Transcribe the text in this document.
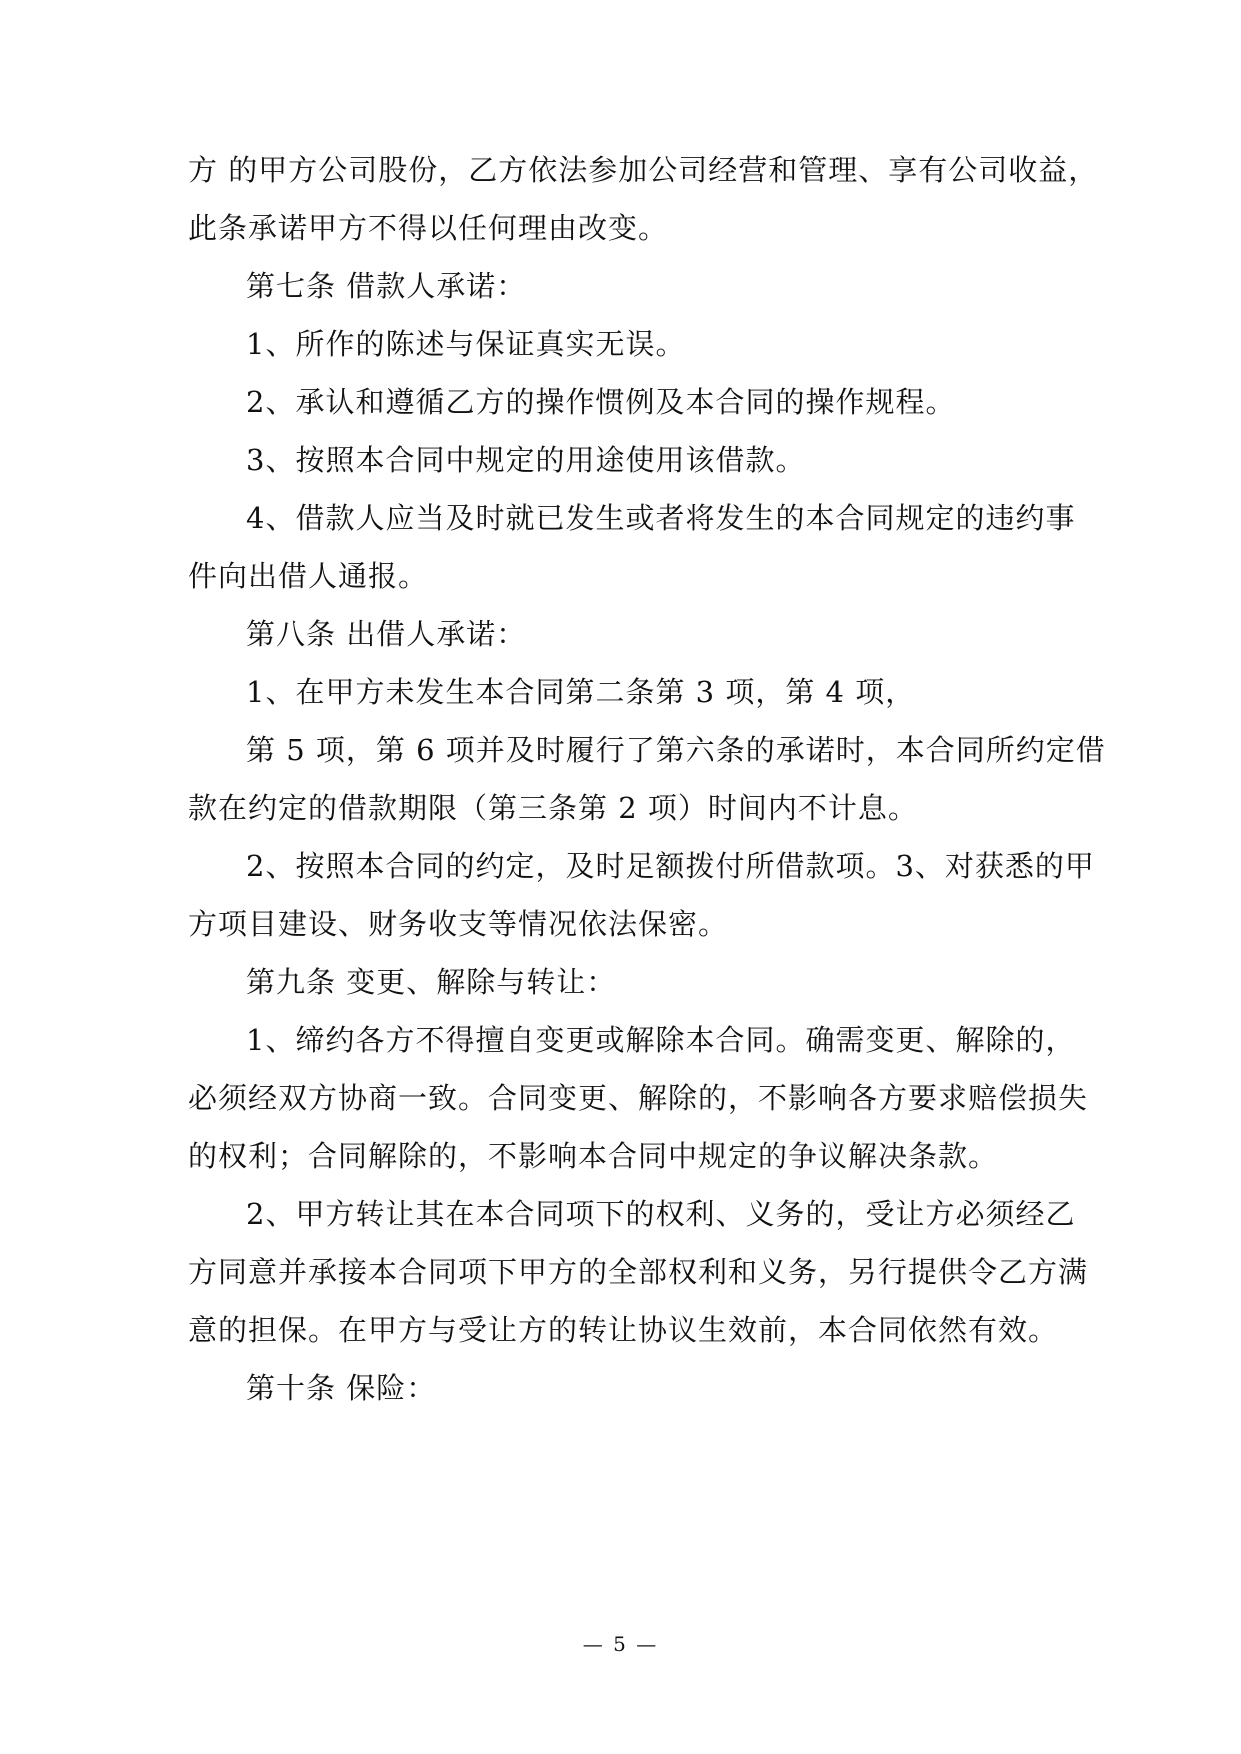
方 的甲方公司股份，乙方依法参加公司经营和管理、享有公司收益，
此条承诺甲方不得以任何理由改变。
第七条 借款人承诺：
1、所作的陈述与保证真实无误。
2、承认和遵循乙方的操作惯例及本合同的操作规程。
3、按照本合同中规定的用途使用该借款。
4、借款人应当及时就已发生或者将发生的本合同规定的违约事
件向出借人通报。
第八条 出借人承诺：
1、在甲方未发生本合同第二条第 3 项，第 4 项，
第 5 项，第 6 项并及时履行了第六条的承诺时，本合同所约定借
款在约定的借款期限（第三条第 2 项）时间内不计息。
2、按照本合同的约定，及时足额拨付所借款项。3、对获悉的甲
方项目建设、财务收支等情况依法保密。
第九条 变更、解除与转让：
1、缔约各方不得擅自变更或解除本合同。确需变更、解除的，
必须经双方协商一致。合同变更、解除的，不影响各方要求赔偿损失
的权利；合同解除的，不影响本合同中规定的争议解决条款。
2、甲方转让其在本合同项下的权利、义务的，受让方必须经乙
方同意并承接本合同项下甲方的全部权利和义务，另行提供令乙方满
意的担保。在甲方与受让方的转让协议生效前，本合同依然有效。
第十条 保险：
— 5 —
